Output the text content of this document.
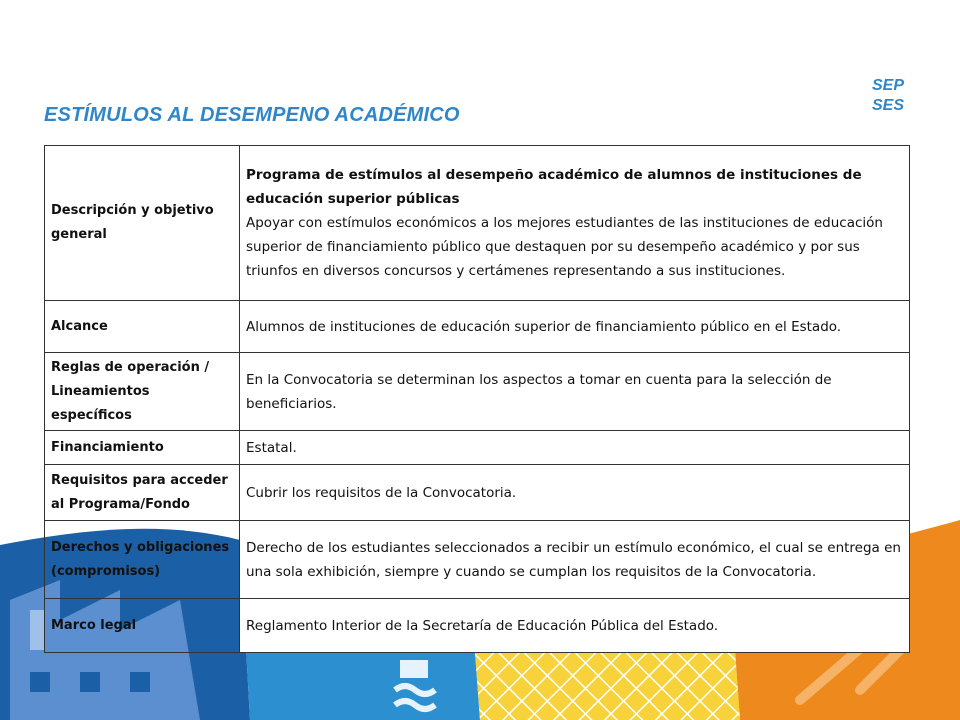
SEP
SES
ESTÍMULOS AL DESEMPENO ACADÉMICO
Descripción y objetivo general	Programa de estímulos al desempeño académico de alumnos de instituciones de educación superior públicas
Apoyar con estímulos económicos a los mejores estudiantes de las instituciones de educación superior de financiamiento público que destaquen por su desempeño académico y por sus triunfos en diversos concursos y certámenes representando a sus instituciones.
Alcance	Alumnos de instituciones de educación superior de financiamiento público en el Estado.
Reglas de operación / Lineamientos específicos	En la Convocatoria se determinan los aspectos a tomar en cuenta para la selección de beneficiarios.
Financiamiento	Estatal.
Requisitos para acceder al Programa/Fondo	Cubrir los requisitos de la Convocatoria.
Derechos y obligaciones (compromisos)	Derecho de los estudiantes seleccionados a recibir un estímulo económico, el cual se entrega en una sola exhibición, siempre y cuando se cumplan los requisitos de la Convocatoria.
Marco legal	Reglamento Interior de la Secretaría de Educación Pública del Estado.
